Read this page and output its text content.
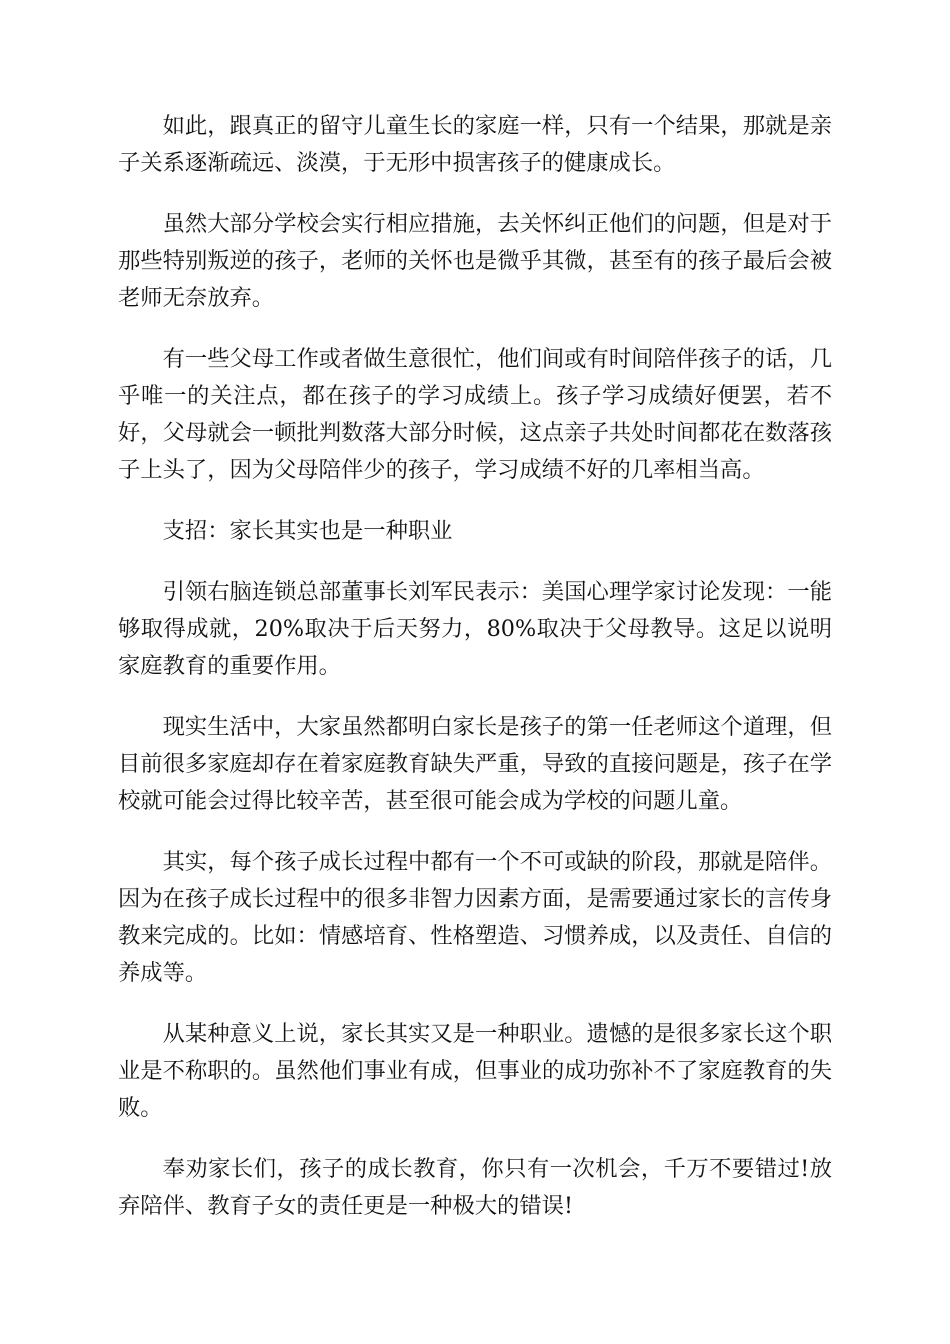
如此，跟真正的留守儿童生长的家庭一样，只有一个结果，那就是亲子关系逐渐疏远、淡漠，于无形中损害孩子的健康成长。

虽然大部分学校会实行相应措施，去关怀纠正他们的问题，但是对于那些特别叛逆的孩子，老师的关怀也是微乎其微，甚至有的孩子最后会被老师无奈放弃。

有一些父母工作或者做生意很忙，他们间或有时间陪伴孩子的话，几乎唯一的关注点，都在孩子的学习成绩上。孩子学习成绩好便罢，若不好，父母就会一顿批判数落大部分时候，这点亲子共处时间都花在数落孩子上头了，因为父母陪伴少的孩子，学习成绩不好的几率相当高。

支招：家长其实也是一种职业

引领右脑连锁总部董事长刘军民表示：美国心理学家讨论发现：一能够取得成就，20%取决于后天努力，80%取决于父母教导。这足以说明家庭教育的重要作用。

现实生活中，大家虽然都明白家长是孩子的第一任老师这个道理，但目前很多家庭却存在着家庭教育缺失严重，导致的直接问题是，孩子在学校就可能会过得比较辛苦，甚至很可能会成为学校的问题儿童。

其实，每个孩子成长过程中都有一个不可或缺的阶段，那就是陪伴。因为在孩子成长过程中的很多非智力因素方面，是需要通过家长的言传身教来完成的。比如：情感培育、性格塑造、习惯养成，以及责任、自信的养成等。

从某种意义上说，家长其实又是一种职业。遗憾的是很多家长这个职业是不称职的。虽然他们事业有成，但事业的成功弥补不了家庭教育的失败。

奉劝家长们，孩子的成长教育，你只有一次机会，千万不要错过!放弃陪伴、教育子女的责任更是一种极大的错误!
